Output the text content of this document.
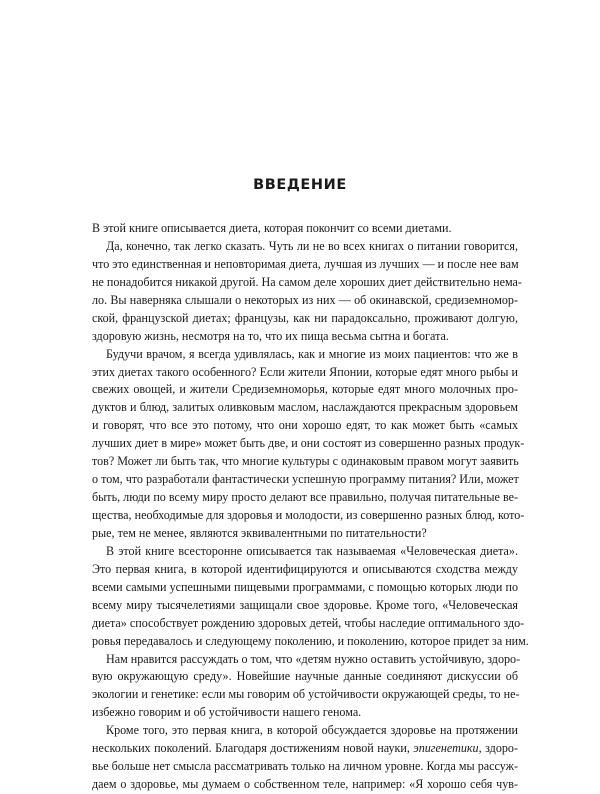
ВВЕДЕНИЕ
В этой книге описывается диета, которая покончит со всеми диетами.
Да, конечно, так легко сказать. Чуть ли не во всех книгах о питании говорится,
что это единственная и неповторимая диета, лучшая из лучших — и после нее вам
не понадобится никакой другой. На самом деле хороших диет действительно нема-
ло. Вы наверняка слышали о некоторых из них — об окинавской, средиземномор-
ской, французской диетах; французы, как ни парадоксально, проживают долгую,
здоровую жизнь, несмотря на то, что их пища весьма сытна и богата.
Будучи врачом, я всегда удивлялась, как и многие из моих пациентов: что же в
этих диетах такого особенного? Если жители Японии, которые едят много рыбы и
свежих овощей, и жители Средиземноморья, которые едят много молочных про-
дуктов и блюд, залитых оливковым маслом, наслаждаются прекрасным здоровьем
и говорят, что все это потому, что они хорошо едят, то как может быть «самых
лучших диет в мире» может быть две, и они состоят из совершенно разных продук-
тов? Может ли быть так, что многие культуры с одинаковым правом могут заявить
о том, что разработали фантастически успешную программу питания? Или, может
быть, люди по всему миру просто делают все правильно, получая питательные ве-
щества, необходимые для здоровья и молодости, из совершенно разных блюд, кото-
рые, тем не менее, являются эквивалентными по питательности?
В этой книге всесторонне описывается так называемая «Человеческая диета».
Это первая книга, в которой идентифицируются и описываются сходства между
всеми самыми успешными пищевыми программами, с помощью которых люди по
всему миру тысячелетиями защищали свое здоровье. Кроме того, «Человеческая
диета» способствует рождению здоровых детей, чтобы наследие оптимального здо-
ровья передавалось и следующему поколению, и поколению, которое придет за ним.
Нам нравится рассуждать о том, что «детям нужно оставить устойчивую, здоро-
вую окружающую среду». Новейшие научные данные соединяют дискуссии об
экологии и генетике: если мы говорим об устойчивости окружающей среды, то не-
избежно говорим и об устойчивости нашего генома.
Кроме того, это первая книга, в которой обсуждается здоровье на протяжении
нескольких поколений. Благодаря достижениям новой науки, эпигенетики, здоро-
вье больше нет смысла рассматривать только на личном уровне. Когда мы рассуж-
даем о здоровье, мы думаем о собственном теле, например: «Я хорошо себя чув-
